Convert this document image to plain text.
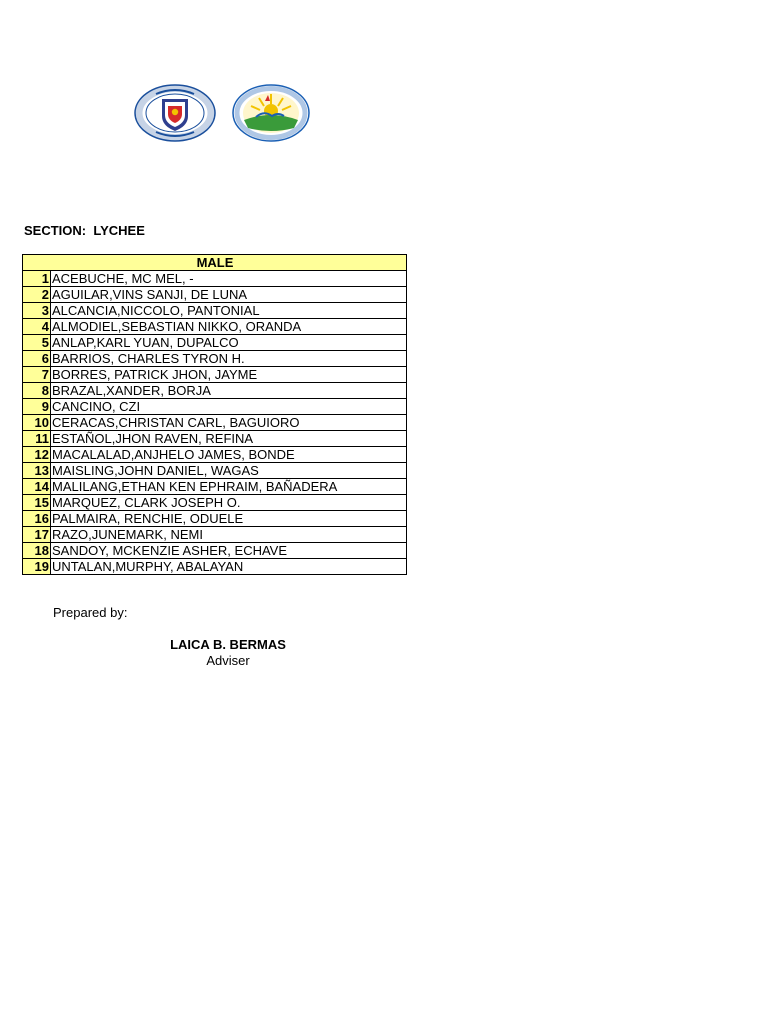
SECTION: LYCHEE
MALE	
1	ACEBUCHE, MC MEL, -
2	AGUILAR,VINS SANJI, DE LUNA
3	ALCANCIA,NICCOLO, PANTONIAL
4	ALMODIEL,SEBASTIAN NIKKO, ORANDA
5	ANLAP,KARL YUAN, DUPALCO
6	BARRIOS, CHARLES TYRON H.
7	BORRES, PATRICK JHON, JAYME
8	BRAZAL,XANDER, BORJA
9	CANCINO, CZI
10	CERACAS,CHRISTAN CARL, BAGUIORO
11	ESTAÑOL,JHON RAVEN, REFINA
12	MACALALAD,ANJHELO JAMES, BONDE
13	MAISLING,JOHN DANIEL, WAGAS
14	MALILANG,ETHAN KEN EPHRAIM, BAÑADERA
15	MARQUEZ, CLARK JOSEPH O.
16	PALMAIRA, RENCHIE, ODUELE
17	RAZO,JUNEMARK, NEMI
18	SANDOY, MCKENZIE ASHER, ECHAVE
19	UNTALAN,MURPHY, ABALAYAN
Prepared by:
LAICA B. BERMAS
Adviser
